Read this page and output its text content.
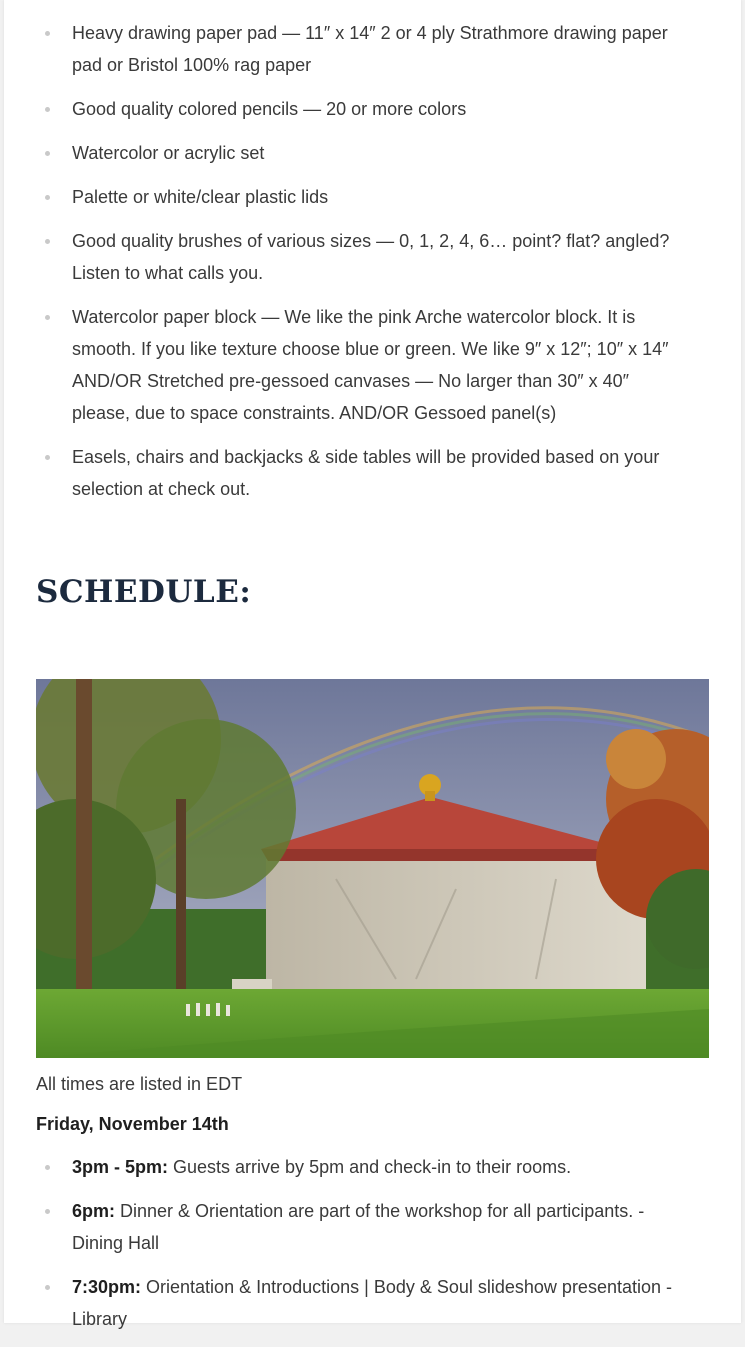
Heavy drawing paper pad — 11″ x 14″ 2 or 4 ply Strathmore drawing paper pad or Bristol 100% rag paper
Good quality colored pencils — 20 or more colors
Watercolor or acrylic set
Palette or white/clear plastic lids
Good quality brushes of various sizes — 0, 1, 2, 4, 6… point? flat? angled? Listen to what calls you.
Watercolor paper block — We like the pink Arche watercolor block. It is smooth. If you like texture choose blue or green. We like 9″ x 12″; 10″ x 14″ AND/OR Stretched pre-gessoed canvases — No larger than 30″ x 40″ please, due to space constraints. AND/OR Gessoed panel(s)
Easels, chairs and backjacks & side tables will be provided based on your selection at check out.
SCHEDULE:
All times are listed in EDT
Friday, November 14th
3pm - 5pm: Guests arrive by 5pm and check-in to their rooms.
6pm: Dinner & Orientation are part of the workshop for all participants. - Dining Hall
7:30pm: Orientation & Introductions | Body & Soul slideshow presentation - Library
